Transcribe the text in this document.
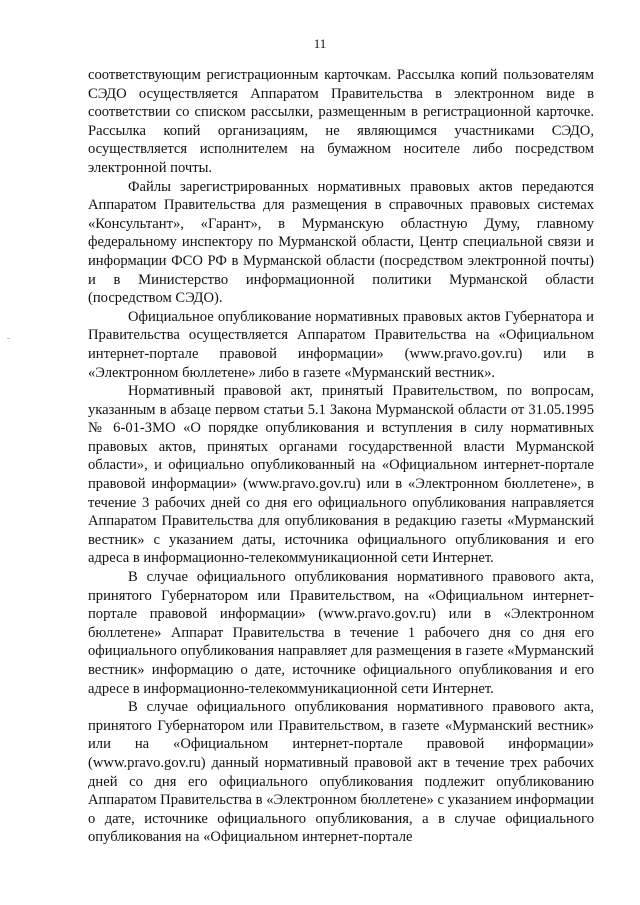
11

соответствующим регистрационным карточкам. Рассылка копий пользователям СЭДО осуществляется Аппаратом Правительства в электронном виде в соответствии со списком рассылки, размещенным в регистрационной карточке. Рассылка копий организациям, не являющимся участниками СЭДО, осуществляется исполнителем на бумажном носителе либо посредством электронной почты.

Файлы зарегистрированных нормативных правовых актов передаются Аппаратом Правительства для размещения в справочных правовых системах «Консультант», «Гарант», в Мурманскую областную Думу, главному федеральному инспектору по Мурманской области, Центр специальной связи и информации ФСО РФ в Мурманской области (посредством электронной почты) и в Министерство информационной политики Мурманской области (посредством СЭДО).

Официальное опубликование нормативных правовых актов Губернатора и Правительства осуществляется Аппаратом Правительства на «Официальном интернет-портале правовой информации» (www.pravo.gov.ru) или в «Электронном бюллетене» либо в газете «Мурманский вестник».

Нормативный правовой акт, принятый Правительством, по вопросам, указанным в абзаце первом статьи 5.1 Закона Мурманской области от 31.05.1995 № 6-01-ЗМО «О порядке опубликования и вступления в силу нормативных правовых актов, принятых органами государственной власти Мурманской области», и официально опубликованный на «Официальном интернет-портале правовой информации» (www.pravo.gov.ru) или в «Электронном бюллетене», в течение 3 рабочих дней со дня его официального опубликования направляется Аппаратом Правительства для опубликования в редакцию газеты «Мурманский вестник» с указанием даты, источника официального опубликования и его адреса в информационно-телекоммуникационной сети Интернет.

В случае официального опубликования нормативного правового акта, принятого Губернатором или Правительством, на «Официальном интернет-портале правовой информации» (www.pravo.gov.ru) или в «Электронном бюллетене» Аппарат Правительства в течение 1 рабочего дня со дня его официального опубликования направляет для размещения в газете «Мурманский вестник» информацию о дате, источнике официального опубликования и его адресе в информационно-телекоммуникационной сети Интернет.

В случае официального опубликования нормативного правового акта, принятого Губернатором или Правительством, в газете «Мурманский вестник» или на «Официальном интернет-портале правовой информации» (www.pravo.gov.ru) данный нормативный правовой акт в течение трех рабочих дней со дня его официального опубликования подлежит опубликованию Аппаратом Правительства в «Электронном бюллетене» с указанием информации о дате, источнике официального опубликования, а в случае официального опубликования на «Официальном интернет-портале
